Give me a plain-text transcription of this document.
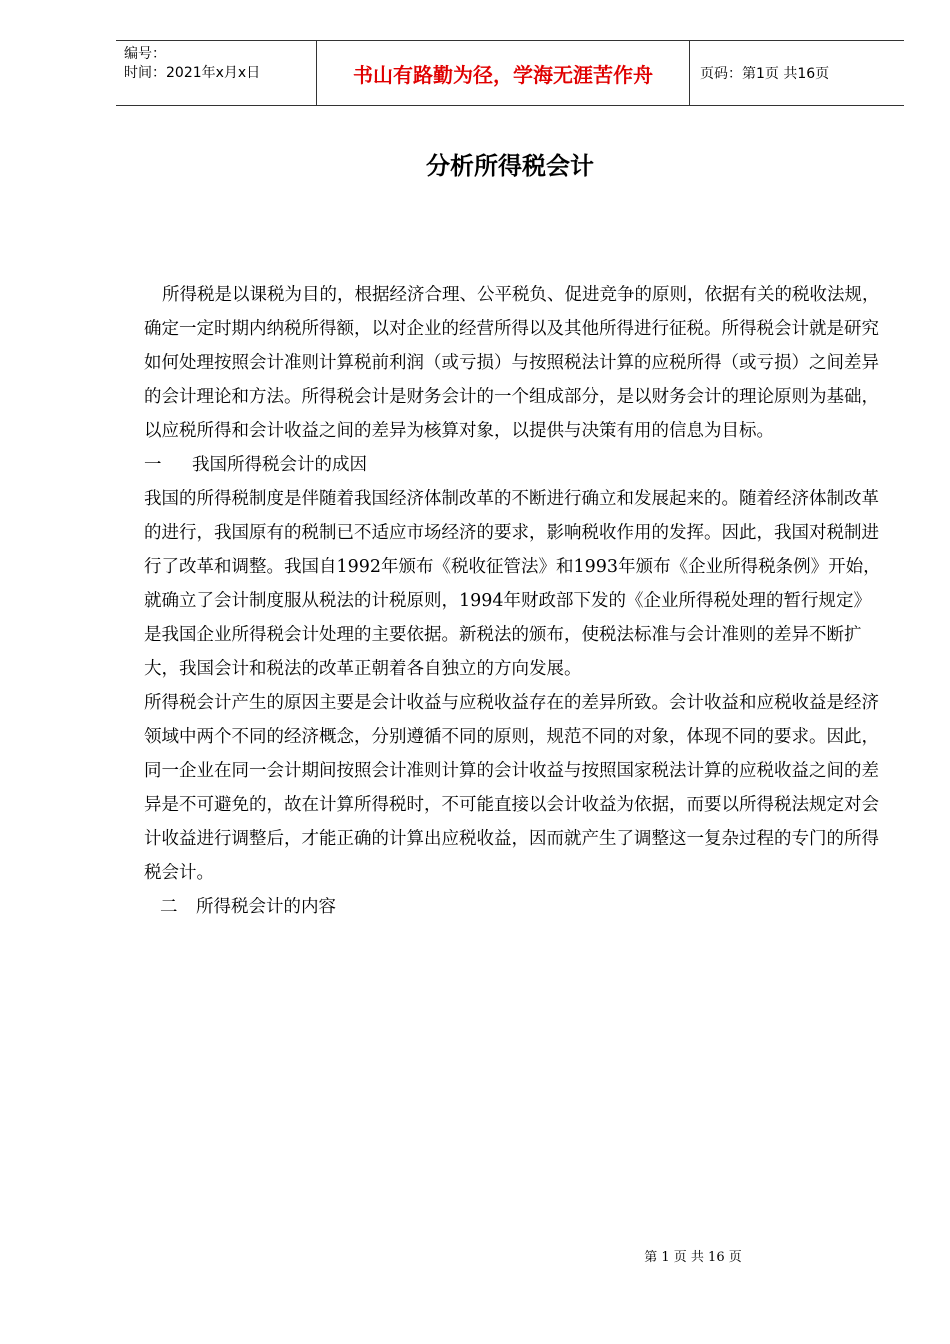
编号：
时间：2021年x月x日	书山有路勤为径，学海无涯苦作舟	页码：第1页 共16页
分析所得税会计

所得税是以课税为目的，根据经济合理、公平税负、促进竞争的原则，依据有关的税收法规，确定一定时期内纳税所得额，以对企业的经营所得以及其他所得进行征税。所得税会计就是研究如何处理按照会计准则计算税前利润（或亏损）与按照税法计算的应税所得（或亏损）之间差异的会计理论和方法。所得税会计是财务会计的一个组成部分，是以财务会计的理论原则为基础，以应税所得和会计收益之间的差异为核算对象，以提供与决策有用的信息为目标。

一 我国所得税会计的成因

我国的所得税制度是伴随着我国经济体制改革的不断进行确立和发展起来的。随着经济体制改革的进行，我国原有的税制已不适应市场经济的要求，影响税收作用的发挥。因此，我国对税制进行了改革和调整。我国自1992年颁布《税收征管法》和1993年颁布《企业所得税条例》开始，就确立了会计制度服从税法的计税原则，1994年财政部下发的《企业所得税处理的暂行规定》是我国企业所得税会计处理的主要依据。新税法的颁布，使税法标准与会计准则的差异不断扩大，我国会计和税法的改革正朝着各自独立的方向发展。

所得税会计产生的原因主要是会计收益与应税收益存在的差异所致。会计收益和应税收益是经济领域中两个不同的经济概念，分别遵循不同的原则，规范不同的对象，体现不同的要求。因此，同一企业在同一会计期间按照会计准则计算的会计收益与按照国家税法计算的应税收益之间的差异是不可避免的，故在计算所得税时，不可能直接以会计收益为依据，而要以所得税法规定对会计收益进行调整后，才能正确的计算出应税收益，因而就产生了调整这一复杂过程的专门的所得税会计。

二 所得税会计的内容

第 1 页 共 16 页
